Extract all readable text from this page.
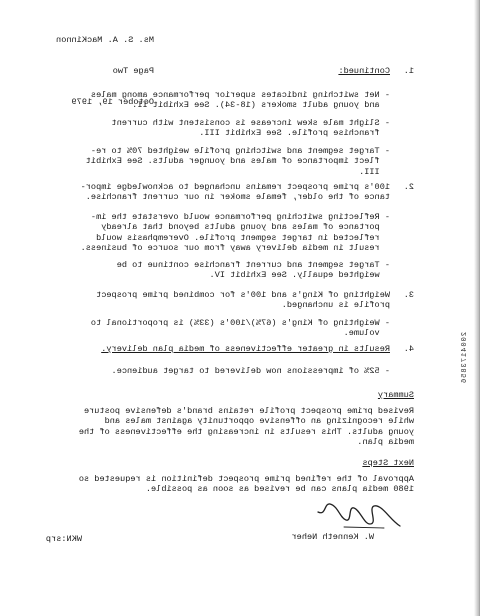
2004173856

Ms. S. A. MacKinnon

Page Two

October 19, 1979

1.
Continued:
- Net switching indicates superior performance among males
and young adult smokers (18-34). See Exhibit II.
- Slight male skew increase is consistent with current
franchise profile. See Exhibit III.
- Target segment and switching profile weighted 70% to re-
flect importance of males and younger adults. See Exhibit
III.
2.
100's prime prospect remains unchanged to acknowledge impor-
tance of the older, female smoker in our current franchise.
- Reflecting switching performance would overstate the im-
portance of males and young adults beyond that already
reflected in target segment profile. Overemphasis would
result in media delivery away from our source of business.
- Target segment and current franchise continue to be
weighted equally. See Exhibit IV.
3.
Weighting of King's and 100's for combined prime prospect
profile is unchanged.
- Weighting of King's (67%)/100's (33%) is proportional to
volume.
4.
Results in greater effectiveness of media plan delivery.
- 52% of impressions now delivered to target audience.
Summary
Revised prime prospect profile retains brand's defensive posture
while recognizing an offensive opportunity against males and
young adults. This results in increasing the effectiveness of the
media plan.
Next Steps
Approval of the refined prime prospect definition is requested so
1980 media plans can be revised as soon as possible.
W. Kenneth Neher
WKN:srp
